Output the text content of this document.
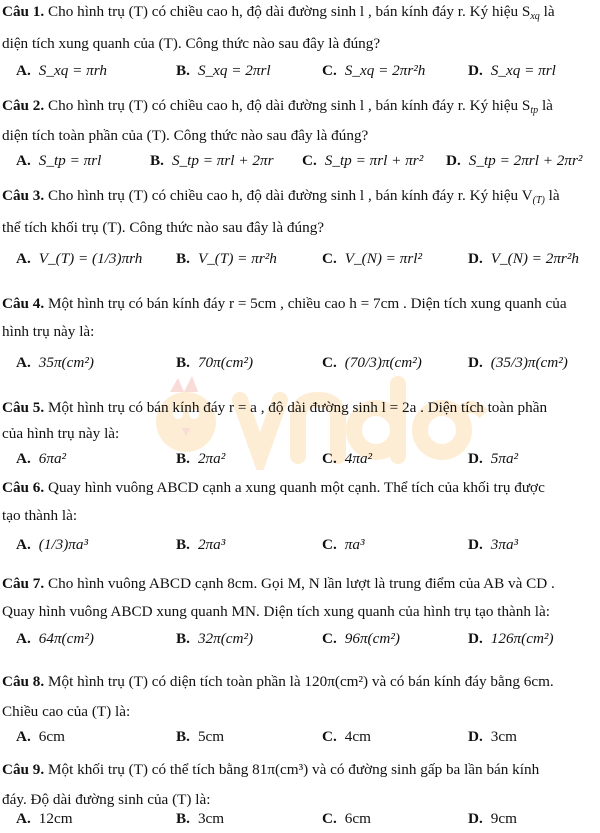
Câu 1. Cho hình trụ (T) có chiều cao h, độ dài đường sinh l , bán kính đáy r. Ký hiệu $S_{xq}$ là
diện tích xung quanh của (T). Công thức nào sau đây là đúng?
A. S_xq = πrh	B. S_xq = 2πrl	C. S_xq = 2πr²h	D. S_xq = πrl
Câu 2. Cho hình trụ (T) có chiều cao h, độ dài đường sinh l , bán kính đáy r. Ký hiệu $S_{tp}$ là
diện tích toàn phần của (T). Công thức nào sau đây là đúng?
A. S_tp = πrl	B. S_tp = πrl + 2πr C. S_tp = πrl + πr² D. S_tp = 2πrl + 2πr²
Câu 3. Cho hình trụ (T) có chiều cao h, độ dài đường sinh l , bán kính đáy r. Ký hiệu $V_{(T)}$ là
thể tích khối trụ (T). Công thức nào sau đây là đúng?
A. V_(T) = (1/3)πrh B. V_(T) = πr²h	C. V_(N) = πrl²	D. V_(N) = 2πr²h
Câu 4. Một hình trụ có bán kính đáy r = 5cm , chiều cao h = 7cm . Diện tích xung quanh của
hình trụ này là:
A. 35π(cm²)	B. 70π(cm²)	C. (70/3)π(cm²)	D. (35/3)π(cm²)
Câu 5. Một hình trụ có bán kính đáy r = a , độ dài đường sinh l = 2a . Diện tích toàn phần
của hình trụ này là:
A. 6πa²	B. 2πa²	C. 4πa²	D. 5πa²
Câu 6. Quay hình vuông ABCD cạnh a xung quanh một cạnh. Thể tích của khối trụ được
tạo thành là:
A. (1/3)πa³	B. 2πa³	C. πa³	D. 3πa³
Câu 7. Cho hình vuông ABCD cạnh 8cm. Gọi M, N lần lượt là trung điểm của AB và CD .
Quay hình vuông ABCD xung quanh MN. Diện tích xung quanh của hình trụ tạo thành là:
A. 64π(cm²)	B. 32π(cm²)	C. 96π(cm²)	D. 126π(cm²)
Câu 8. Một hình trụ (T) có diện tích toàn phần là 120π(cm²) và có bán kính đáy bằng 6cm.
Chiều cao của (T) là:
A. 6cm	B. 5cm	C. 4cm	D. 3cm
Câu 9. Một khối trụ (T) có thể tích bằng 81π(cm³) và có đường sinh gấp ba lần bán kính
đáy. Độ dài đường sinh của (T) là:
A. 12cm	B. 3cm	C. 6cm	D. 9cm
